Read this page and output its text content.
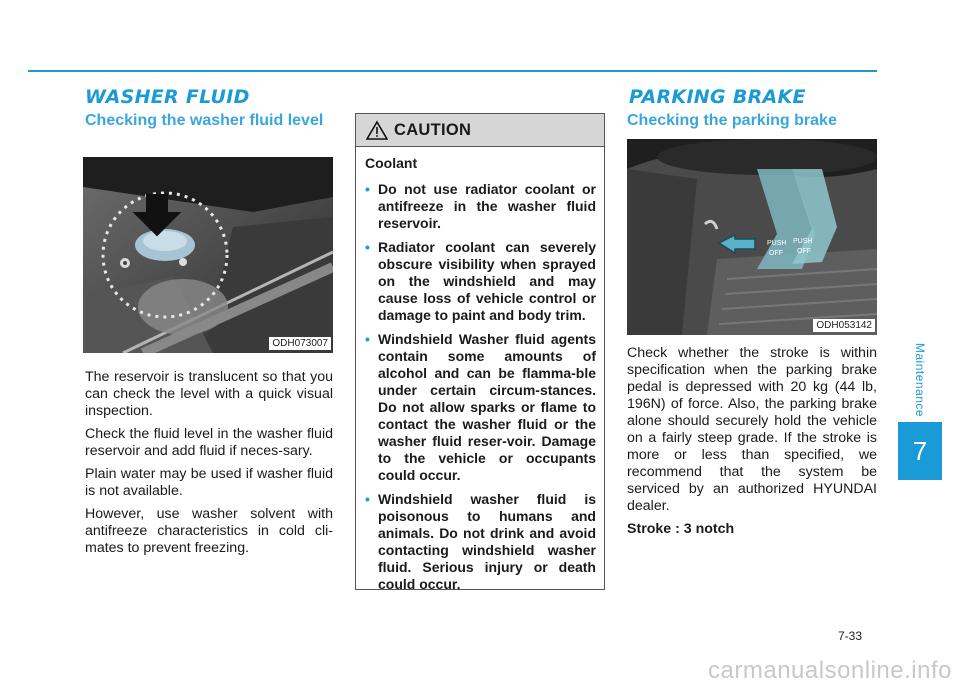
WASHER FLUID
Checking the washer fluid level
ODH073007

The reservoir is translucent so that you can check the level with a quick visual inspection.

Check the fluid level in the washer fluid reservoir and add fluid if neces-sary.

Plain water may be used if washer fluid is not available.

However, use washer solvent with antifreeze characteristics in cold cli-mates to prevent freezing.

CAUTION

Coolant

• Do not use radiator coolant or antifreeze in the washer fluid reservoir.
• Radiator coolant can severely obscure visibility when sprayed on the windshield and may cause loss of vehicle control or damage to paint and body trim.
• Windshield Washer fluid agents contain some amounts of alcohol and can be flamma-ble under certain circum-stances. Do not allow sparks or flame to contact the washer fluid or the washer fluid reser-voir. Damage to the vehicle or occupants could occur.
• Windshield washer fluid is poisonous to humans and animals. Do not drink and avoid contacting windshield washer fluid. Serious injury or death could occur.
PARKING BRAKE
Checking the parking brake
PUSH
OFF
PUSH
OFF
ODH053142

Check whether the stroke is within specification when the parking brake pedal is depressed with 20 kg (44 lb, 196N) of force. Also, the parking brake alone should securely hold the vehicle on a fairly steep grade. If the stroke is more or less than specified, we recommend that the system be serviced by an authorized HYUNDAI dealer.

Stroke : 3 notch
Maintenance
7
7-33
carmanualsonline.info
